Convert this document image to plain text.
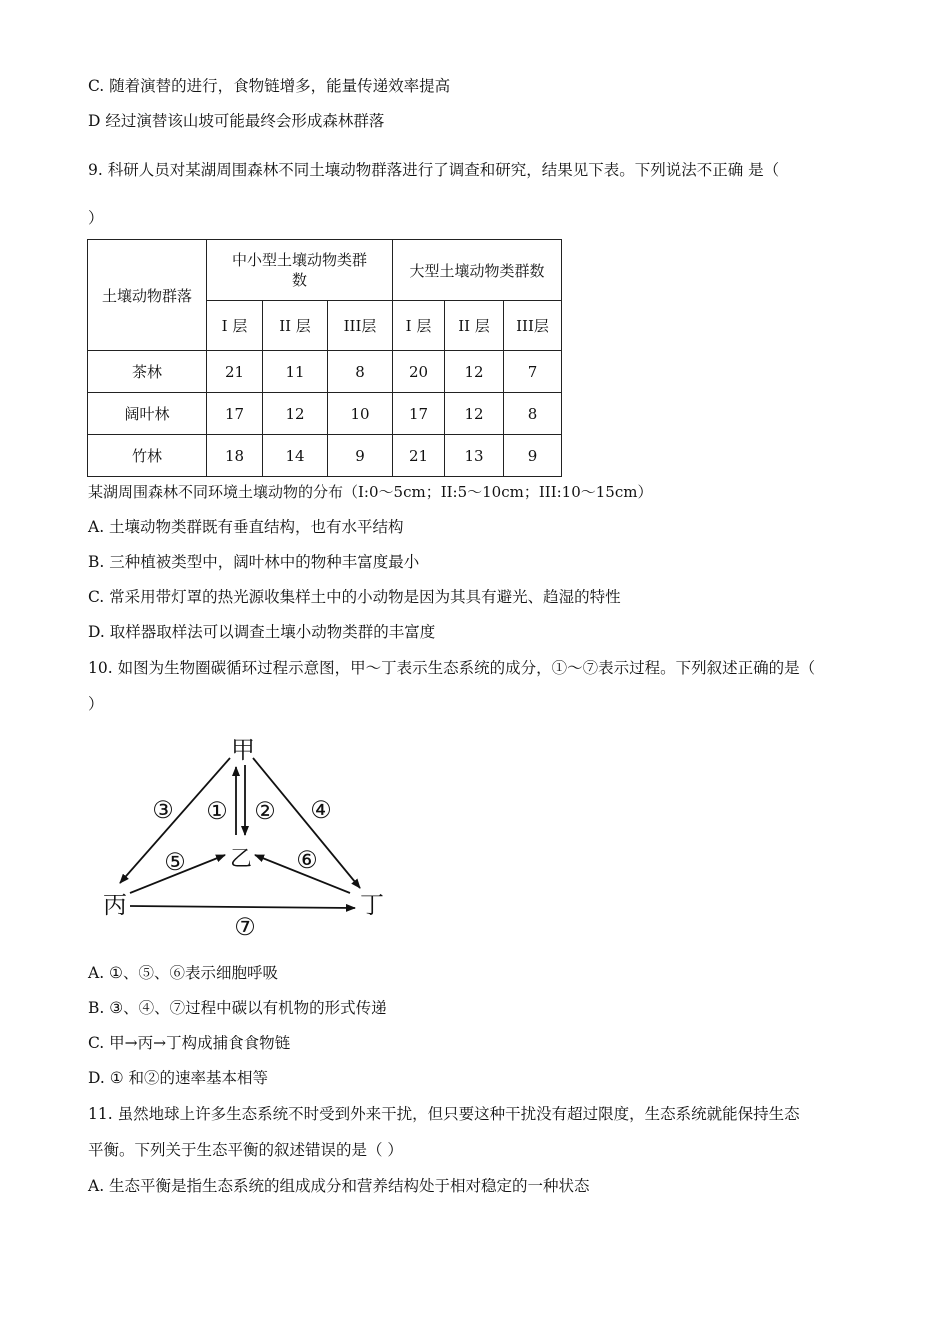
C. 随着演替的进行，食物链增多，能量传递效率提高
D 经过演替该山坡可能最终会形成森林群落
9. 科研人员对某湖周围森林不同土壤动物群落进行了调查和研究，结果见下表。下列说法不正确 是（
）
土壤动物群落	中小型土壤动物类群数			大型土壤动物类群数		
	I 层	II 层	III层	I 层	II 层	III层
茶林	21	11	8	20	12	7
阔叶林	17	12	10	17	12	8
竹林	18	14	9	21	13	9
某湖周围森林不同环境土壤动物的分布（I:0～5cm；II:5～10cm；III:10～15cm）
A. 土壤动物类群既有垂直结构，也有水平结构
B. 三种植被类型中，阔叶林中的物种丰富度最小
C. 常采用带灯罩的热光源收集样土中的小动物是因为其具有避光、趋湿的特性
D. 取样器取样法可以调查土壤小动物类群的丰富度
10. 如图为生物圈碳循环过程示意图，甲～丁表示生态系统的成分，①～⑦表示过程。下列叙述正确的是（
）
甲
乙
丙	丁
① ②
③	④
⑤	⑥
⑦
A. ①、⑤、⑥表示细胞呼吸
B. ③、④、⑦过程中碳以有机物的形式传递
C. 甲→丙→丁构成捕食食物链
D. ① 和②的速率基本相等
11. 虽然地球上许多生态系统不时受到外来干扰，但只要这种干扰没有超过限度，生态系统就能保持生态
平衡。下列关于生态平衡的叙述错误的是（ ）
A. 生态平衡是指生态系统的组成成分和营养结构处于相对稳定的一种状态
